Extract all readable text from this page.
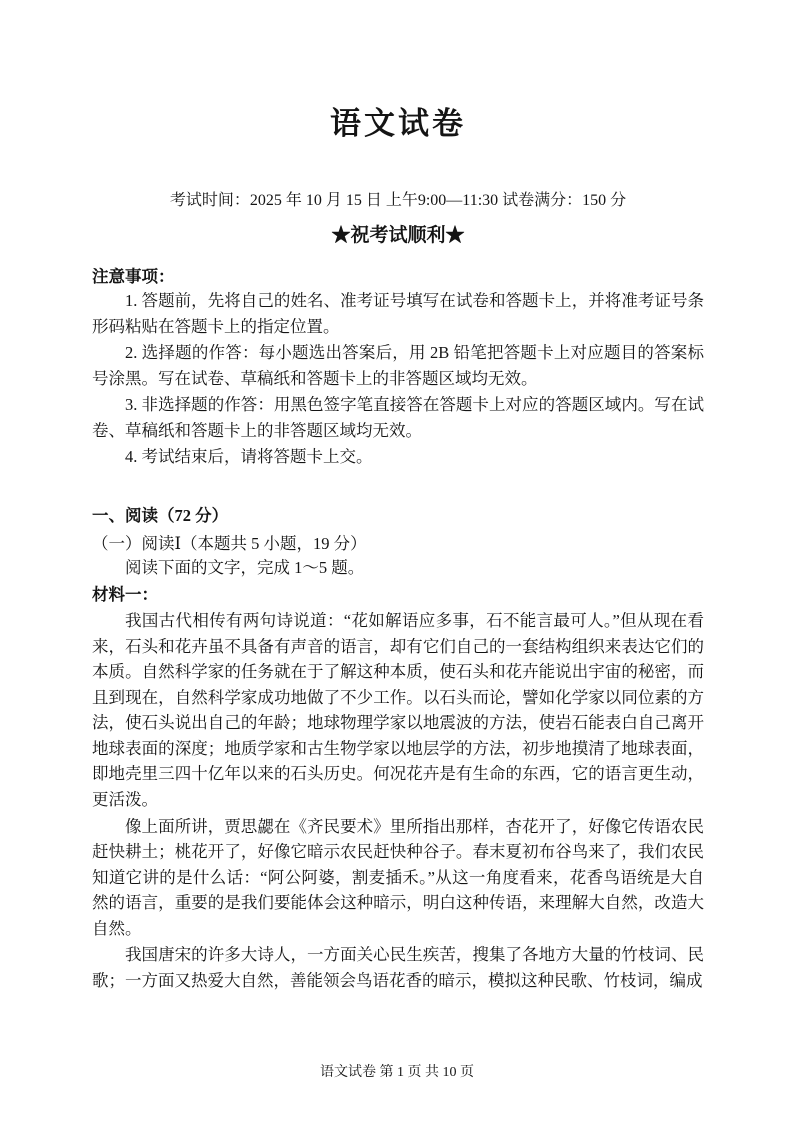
语文试卷
考试时间：2025 年 10 月 15 日 上午9:00—11:30 试卷满分：150 分
★祝考试顺利★
注意事项：

1. 答题前，先将自己的姓名、准考证号填写在试卷和答题卡上，并将准考证号条形码粘贴在答题卡上的指定位置。

2. 选择题的作答：每小题选出答案后，用 2B 铅笔把答题卡上对应题目的答案标号涂黑。写在试卷、草稿纸和答题卡上的非答题区域均无效。

3. 非选择题的作答：用黑色签字笔直接答在答题卡上对应的答题区域内。写在试卷、草稿纸和答题卡上的非答题区域均无效。

4. 考试结束后，请将答题卡上交。

一、阅读（72 分）
（一）阅读Ⅰ（本题共 5 小题，19 分）

阅读下面的文字，完成 1～5 题。

材料一：

我国古代相传有两句诗说道：“花如解语应多事，石不能言最可人。”但从现在看来，石头和花卉虽不具备有声音的语言，却有它们自己的一套结构组织来表达它们的本质。自然科学家的任务就在于了解这种本质，使石头和花卉能说出宇宙的秘密，而且到现在，自然科学家成功地做了不少工作。以石头而论，譬如化学家以同位素的方法，使石头说出自己的年龄；地球物理学家以地震波的方法，使岩石能表白自己离开地球表面的深度；地质学家和古生物学家以地层学的方法，初步地摸清了地球表面，即地壳里三四十亿年以来的石头历史。何况花卉是有生命的东西，它的语言更生动，更活泼。

像上面所讲，贾思勰在《齐民要术》里所指出那样，杏花开了，好像它传语农民赶快耕土；桃花开了，好像它暗示农民赶快种谷子。春末夏初布谷鸟来了，我们农民知道它讲的是什么话：“阿公阿婆，割麦插禾。”从这一角度看来，花香鸟语统是大自然的语言，重要的是我们要能体会这种暗示，明白这种传语，来理解大自然，改造大自然。

我国唐宋的许多大诗人，一方面关心民生疾苦，搜集了各地方大量的竹枝词、民歌；一方面又热爱大自然，善能领会鸟语花香的暗示，模拟这种民歌、竹枝词，编成

语文试卷 第 1 页 共 10 页
